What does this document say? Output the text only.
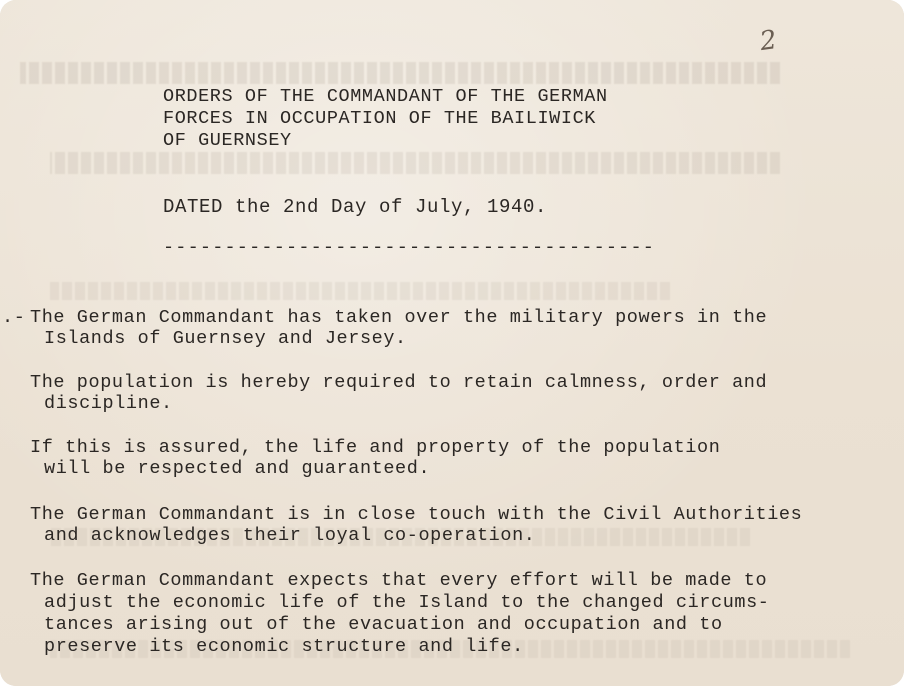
2
ORDERS OF THE COMMANDANT OF THE GERMAN
FORCES IN OCCUPATION OF THE BAILIWICK
OF GUERNSEY
DATED the 2nd Day of July, 1940.
----------------------------------------
.- The German Commandant has taken over the military powers in the
Islands of Guernsey and Jersey.
The population is hereby required to retain calmness, order and
discipline.
If this is assured, the life and property of the population
will be respected and guaranteed.
The German Commandant is in close touch with the Civil Authorities
and acknowledges their loyal co-operation.
The German Commandant expects that every effort will be made to
adjust the economic life of the Island to the changed circums-
tances arising out of the evacuation and occupation and to
preserve its economic structure and life.
